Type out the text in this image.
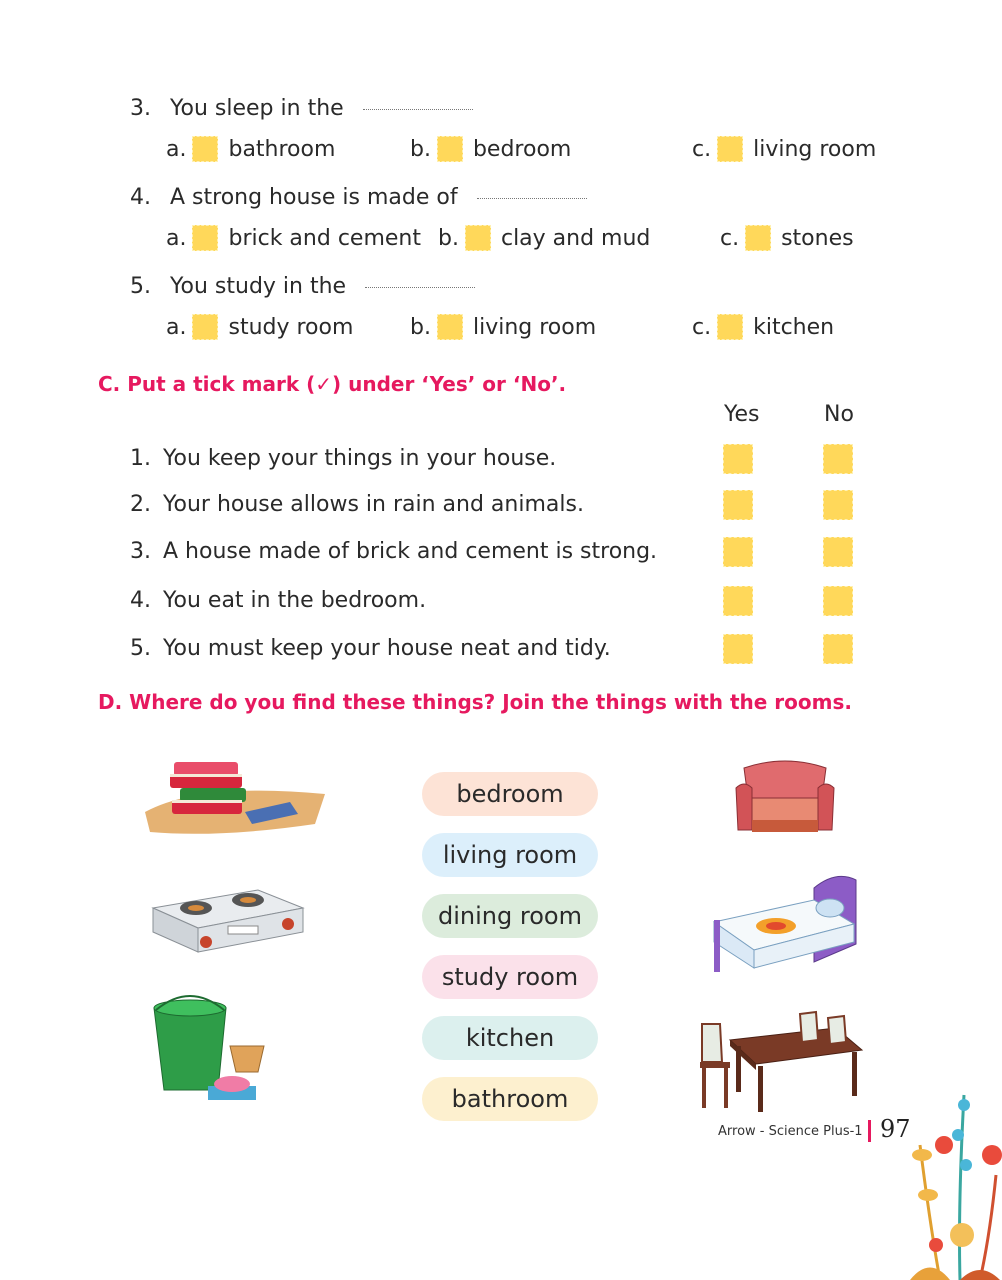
3. You sleep in the
a. bathroom	b. bedroom	c. living room
4. A strong house is made of
a. brick and cement b. clay and mud	c. stones
5. You study in the
a. study room	b. living room	c. kitchen
C. Put a tick mark (✓) under ‘Yes’ or ‘No’.
Yes	No
1. You keep your things in your house.
2. Your house allows in rain and animals.
3. A house made of brick and cement is strong.
4. You eat in the bedroom.
5. You must keep your house neat and tidy.
D. Where do you find these things? Join the things with the rooms.
bedroom
living room
dining room
study room
kitchen
bathroom
Arrow - Science Plus-1 97
